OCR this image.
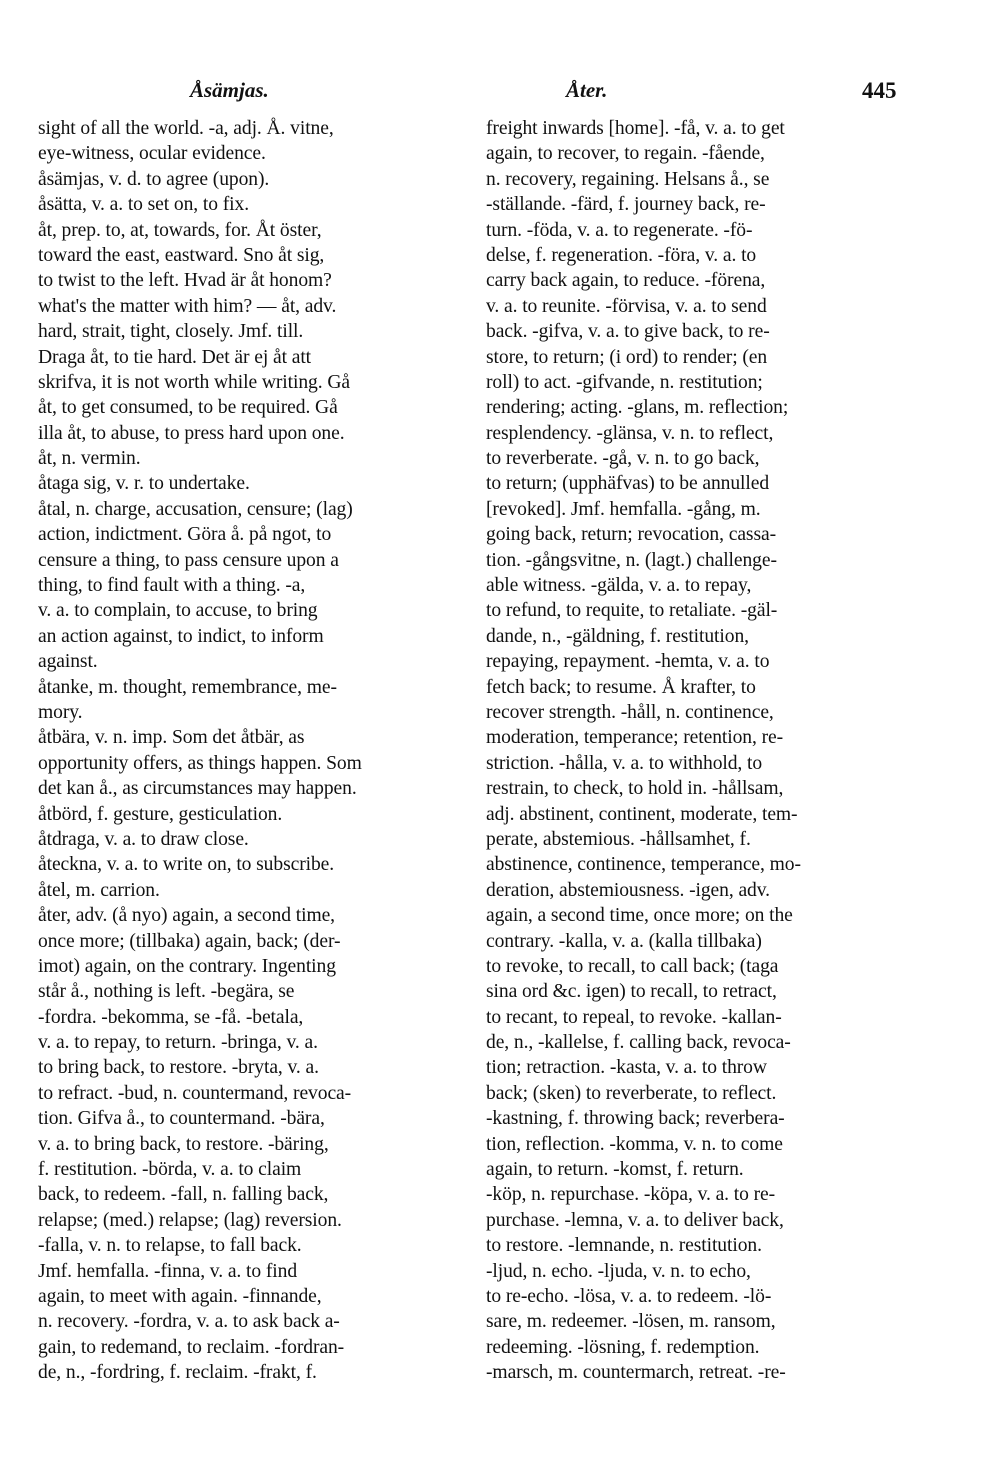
Åsämjas.	Åter.	445
sight of all the world. -a, adj. Å. vitne,
eye-witness, ocular evidence.
åsämjas, v. d. to agree (upon).
åsätta, v. a. to set on, to fix.
åt, prep. to, at, towards, for. Åt öster,
toward the east, eastward. Sno åt sig,
to twist to the left. Hvad är åt honom?
what's the matter with him? — åt, adv.
hard, strait, tight, closely. Jmf. till.
Draga åt, to tie hard. Det är ej åt att
skrifva, it is not worth while writing. Gå
åt, to get consumed, to be required. Gå
illa åt, to abuse, to press hard upon one.
åt, n. vermin.
åtaga sig, v. r. to undertake.
åtal, n. charge, accusation, censure; (lag)
action, indictment. Göra å. på ngot, to
censure a thing, to pass censure upon a
thing, to find fault with a thing. -a,
v. a. to complain, to accuse, to bring
an action against, to indict, to inform
against.
åtanke, m. thought, remembrance, me-
mory.
åtbära, v. n. imp. Som det åtbär, as
opportunity offers, as things happen. Som
det kan å., as circumstances may happen.
åtbörd, f. gesture, gesticulation.
åtdraga, v. a. to draw close.
åteckna, v. a. to write on, to subscribe.
åtel, m. carrion.
åter, adv. (å nyo) again, a second time,
once more; (tillbaka) again, back; (der-
imot) again, on the contrary. Ingenting
står å., nothing is left. -begära, se
-fordra. -bekomma, se -få. -betala,
v. a. to repay, to return. -bringa, v. a.
to bring back, to restore. -bryta, v. a.
to refract. -bud, n. countermand, revoca-
tion. Gifva å., to countermand. -bära,
v. a. to bring back, to restore. -bäring,
f. restitution. -börda, v. a. to claim
back, to redeem. -fall, n. falling back,
relapse; (med.) relapse; (lag) reversion.
-falla, v. n. to relapse, to fall back.
Jmf. hemfalla. -finna, v. a. to find
again, to meet with again. -finnande,
n. recovery. -fordra, v. a. to ask back a-
gain, to redemand, to reclaim. -fordran-
de, n., -fordring, f. reclaim. -frakt, f.
freight inwards [home]. -få, v. a. to get
again, to recover, to regain. -fående,
n. recovery, regaining. Helsans å., se
-ställande. -färd, f. journey back, re-
turn. -föda, v. a. to regenerate. -fö-
delse, f. regeneration. -föra, v. a. to
carry back again, to reduce. -förena,
v. a. to reunite. -förvisa, v. a. to send
back. -gifva, v. a. to give back, to re-
store, to return; (i ord) to render; (en
roll) to act. -gifvande, n. restitution;
rendering; acting. -glans, m. reflection;
resplendency. -glänsa, v. n. to reflect,
to reverberate. -gå, v. n. to go back,
to return; (upphäfvas) to be annulled
[revoked]. Jmf. hemfalla. -gång, m.
going back, return; revocation, cassa-
tion. -gångsvitne, n. (lagt.) challenge-
able witness. -gälda, v. a. to repay,
to refund, to requite, to retaliate. -gäl-
dande, n., -gäldning, f. restitution,
repaying, repayment. -hemta, v. a. to
fetch back; to resume. Å krafter, to
recover strength. -håll, n. continence,
moderation, temperance; retention, re-
striction. -hålla, v. a. to withhold, to
restrain, to check, to hold in. -hållsam,
adj. abstinent, continent, moderate, tem-
perate, abstemious. -hållsamhet, f.
abstinence, continence, temperance, mo-
deration, abstemiousness. -igen, adv.
again, a second time, once more; on the
contrary. -kalla, v. a. (kalla tillbaka)
to revoke, to recall, to call back; (taga
sina ord &c. igen) to recall, to retract,
to recant, to repeal, to revoke. -kallan-
de, n., -kallelse, f. calling back, revoca-
tion; retraction. -kasta, v. a. to throw
back; (sken) to reverberate, to reflect.
-kastning, f. throwing back; reverbera-
tion, reflection. -komma, v. n. to come
again, to return. -komst, f. return.
-köp, n. repurchase. -köpa, v. a. to re-
purchase. -lemna, v. a. to deliver back,
to restore. -lemnande, n. restitution.
-ljud, n. echo. -ljuda, v. n. to echo,
to re-echo. -lösa, v. a. to redeem. -lö-
sare, m. redeemer. -lösen, m. ransom,
redeeming. -lösning, f. redemption.
-marsch, m. countermarch, retreat. -re-
